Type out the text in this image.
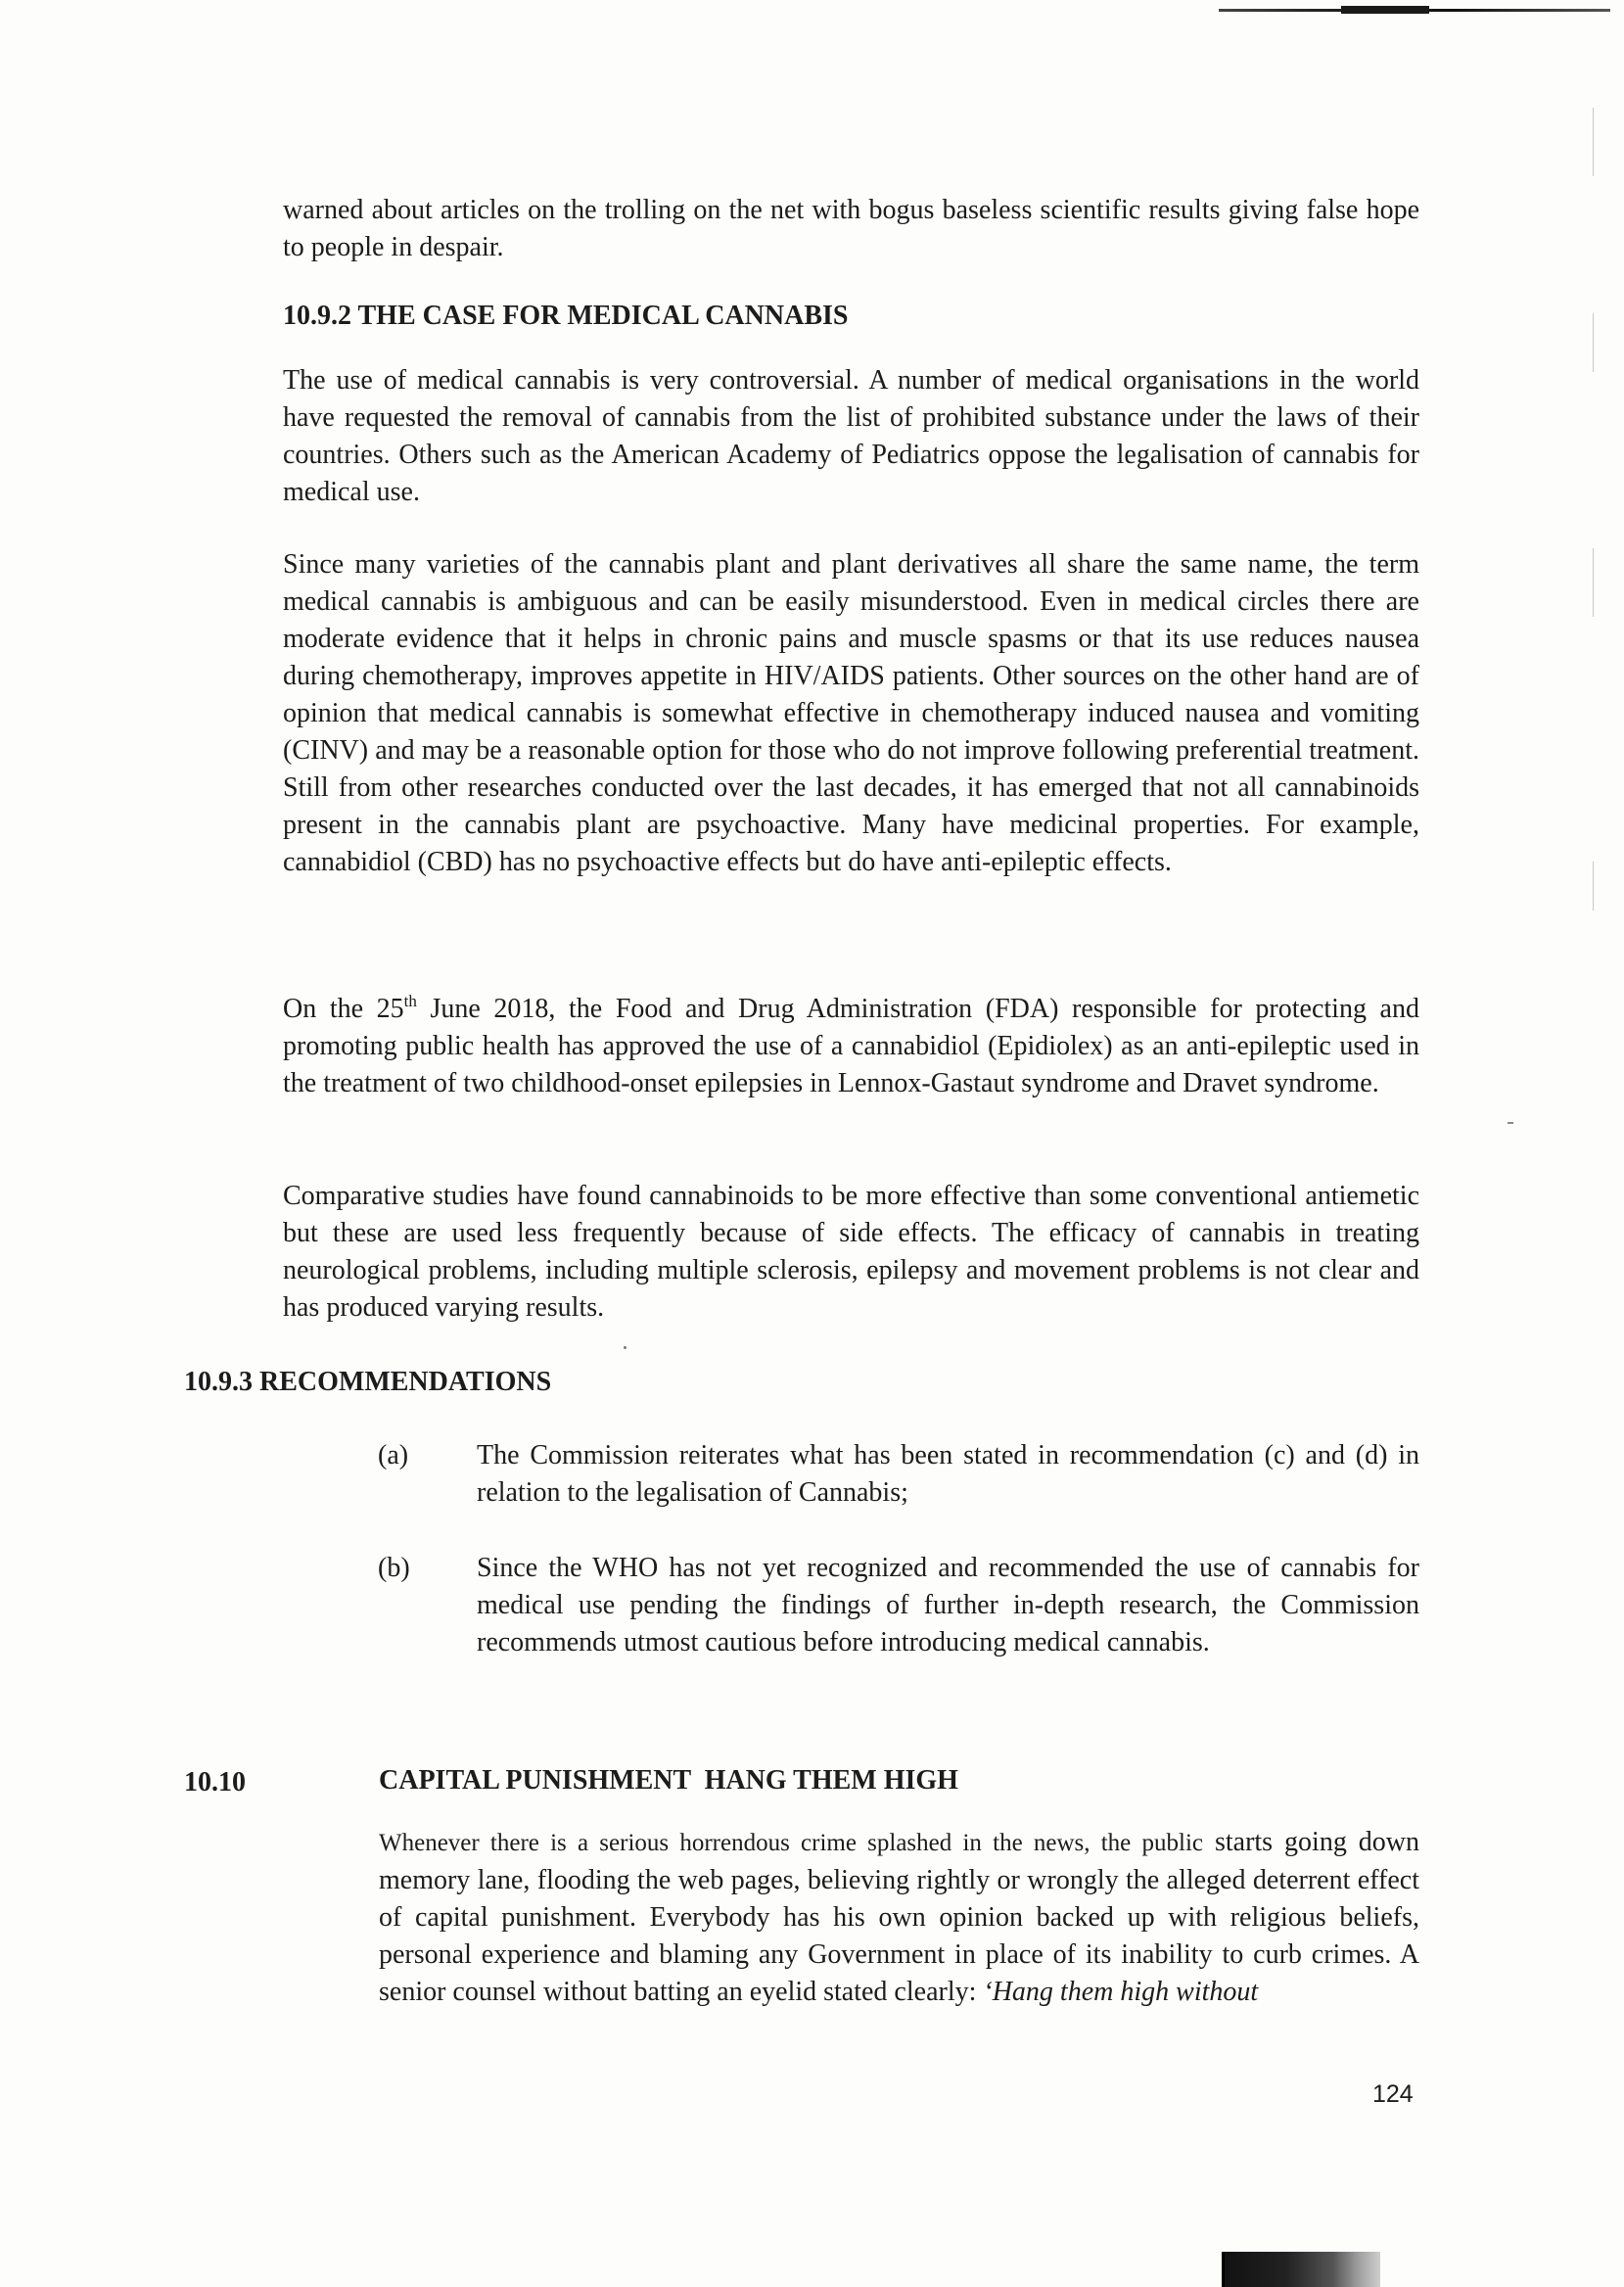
warned about articles on the trolling on the net with bogus baseless scientific results giving false hope to people in despair.

10.9.2 THE CASE FOR MEDICAL CANNABIS

The use of medical cannabis is very controversial. A number of medical organisations in the world have requested the removal of cannabis from the list of prohibited substance under the laws of their countries. Others such as the American Academy of Pediatrics oppose the legalisation of cannabis for medical use.

Since many varieties of the cannabis plant and plant derivatives all share the same name, the term medical cannabis is ambiguous and can be easily misunderstood. Even in medical circles there are moderate evidence that it helps in chronic pains and muscle spasms or that its use reduces nausea during chemotherapy, improves appetite in HIV/AIDS patients. Other sources on the other hand are of opinion that medical cannabis is somewhat effective in chemotherapy induced nausea and vomiting (CINV) and may be a reasonable option for those who do not improve following preferential treatment. Still from other researches conducted over the last decades, it has emerged that not all cannabinoids present in the cannabis plant are psychoactive. Many have medicinal properties. For example, cannabidiol (CBD) has no psychoactive effects but do have anti-epileptic effects.

On the 25th June 2018, the Food and Drug Administration (FDA) responsible for protecting and promoting public health has approved the use of a cannabidiol (Epidiolex) as an anti-epileptic used in the treatment of two childhood-onset epilepsies in Lennox-Gastaut syndrome and Dravet syndrome.

Comparative studies have found cannabinoids to be more effective than some conventional antiemetic but these are used less frequently because of side effects. The efficacy of cannabis in treating neurological problems, including multiple sclerosis, epilepsy and movement problems is not clear and has produced varying results.

10.9.3 RECOMMENDATIONS
(a) The Commission reiterates what has been stated in recommendation (c) and (d) in relation to the legalisation of Cannabis;

(b) Since the WHO has not yet recognized and recommended the use of cannabis for medical use pending the findings of further in-depth research, the Commission recommends utmost cautious before introducing medical cannabis.

10.10	CAPITAL PUNISHMENT  HANG THEM HIGH

Whenever there is a serious horrendous crime splashed in the news, the public starts going down memory lane, flooding the web pages, believing rightly or wrongly the alleged deterrent effect of capital punishment. Everybody has his own opinion backed up with religious beliefs, personal experience and blaming any Government in place of its inability to curb crimes. A senior counsel without batting an eyelid stated clearly: ‘Hang them high without

124
